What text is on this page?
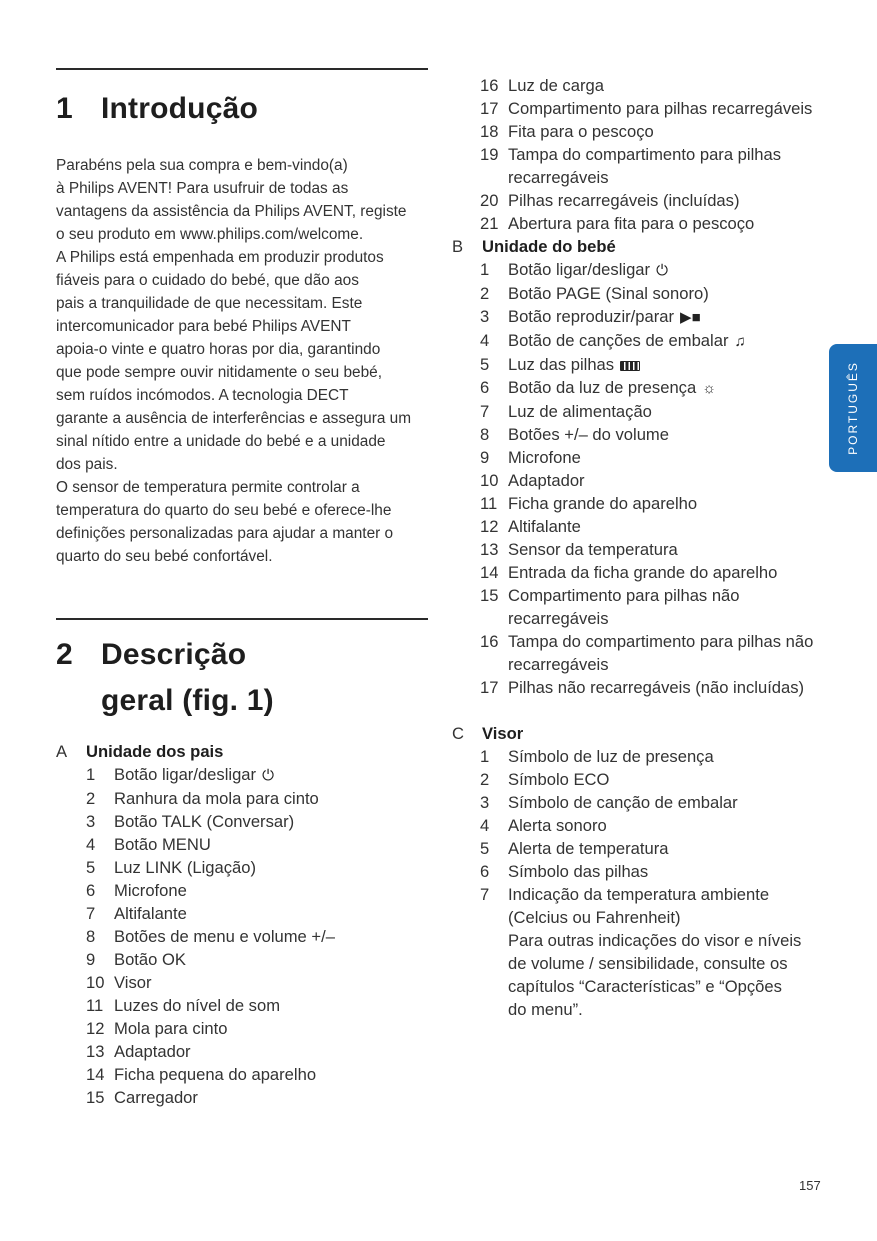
1 Introdução

Parabéns pela sua compra e bem-vindo(a)
à Philips AVENT! Para usufruir de todas as
vantagens da assistência da Philips AVENT, registe
o seu produto em www.philips.com/welcome.

A Philips está empenhada em produzir produtos
fiáveis para o cuidado do bebé, que dão aos
pais a tranquilidade de que necessitam. Este
intercomunicador para bebé Philips AVENT
apoia-o vinte e quatro horas por dia, garantindo
que pode sempre ouvir nitidamente o seu bebé,
sem ruídos incómodos. A tecnologia DECT
garante a ausência de interferências e assegura um
sinal nítido entre a unidade do bebé e a unidade
dos pais.

O sensor de temperatura permite controlar a
temperatura do quarto do seu bebé e oferece-lhe
definições personalizadas para ajudar a manter o
quarto do seu bebé confortável.

2 Descrição
geral (fig. 1)
A	Unidade dos pais
1	Botão ligar/desligar ⏻
2	Ranhura da mola para cinto
3	Botão TALK (Conversar)
4	Botão MENU
5	Luz LINK (Ligação)
6	Microfone
7	Altifalante
8	Botões de menu e volume +/–
9	Botão OK
10 Visor
11 Luzes do nível de som
12 Mola para cinto
13 Adaptador
14 Ficha pequena do aparelho
15 Carregador
16 Luz de carga
17 Compartimento para pilhas recarregáveis
18 Fita para o pescoço
19 Tampa do compartimento para pilhas
recarregáveis
20 Pilhas recarregáveis (incluídas)
21 Abertura para fita para o pescoço
B	Unidade do bebé
1	Botão ligar/desligar ⏻
2	Botão PAGE (Sinal sonoro)
3	Botão reproduzir/parar ▶■
4	Botão de canções de embalar ♫
5	Luz das pilhas
6	Botão da luz de presença ☼
7	Luz de alimentação
8	Botões +/– do volume
9	Microfone
10 Adaptador
11 Ficha grande do aparelho
12 Altifalante
13 Sensor da temperatura
14 Entrada da ficha grande do aparelho
15 Compartimento para pilhas não
recarregáveis
16 Tampa do compartimento para pilhas não
recarregáveis
17 Pilhas não recarregáveis (não incluídas)
C	Visor
1	Símbolo de luz de presença
2	Símbolo ECO
3	Símbolo de canção de embalar
4	Alerta sonoro
5	Alerta de temperatura
6	Símbolo das pilhas
7	Indicação da temperatura ambiente
(Celcius ou Fahrenheit)
Para outras indicações do visor e níveis
de volume / sensibilidade, consulte os
capítulos “Características” e “Opções
do menu”.
PORTUGUÊS
157
